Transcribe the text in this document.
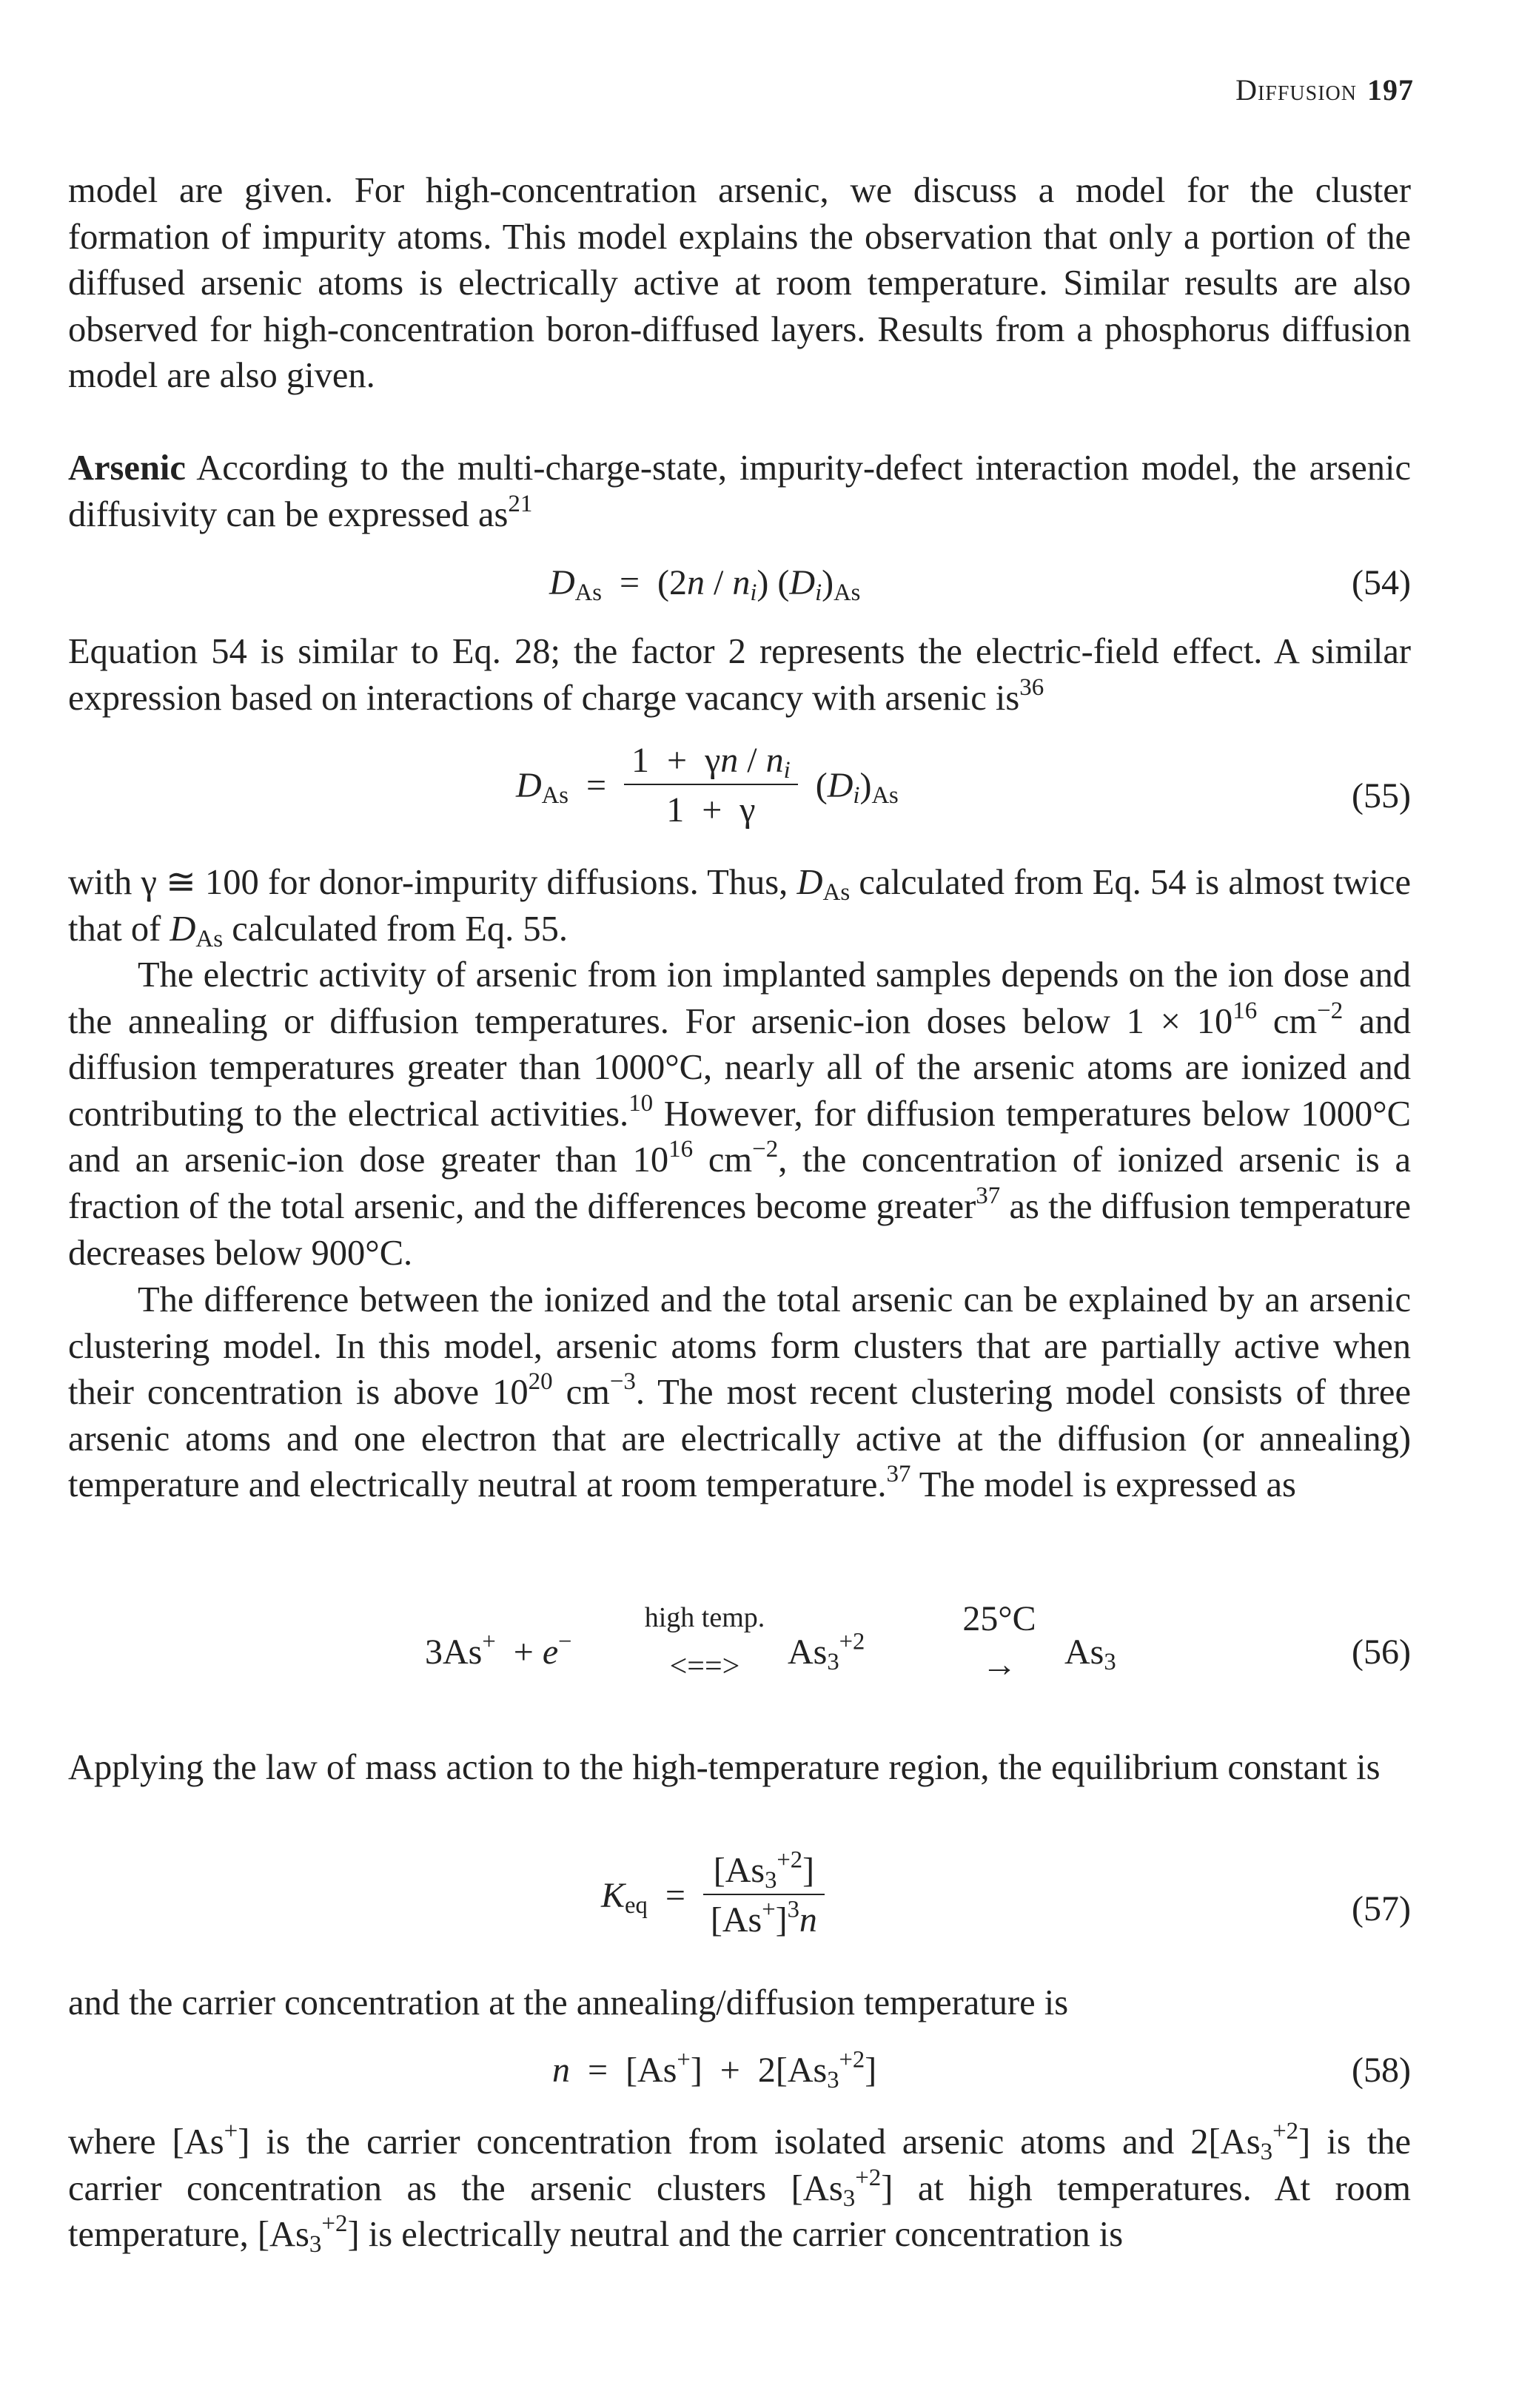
Diffusion 197
model are given. For high-concentration arsenic, we discuss a model for the cluster formation of impurity atoms. This model explains the observation that only a portion of the diffused arsenic atoms is electrically active at room temperature. Similar results are also observed for high-concentration boron-diffused layers. Results from a phosphorus diffusion model are also given.
Arsenic According to the multi-charge-state, impurity-defect interaction model, the arsenic diffusivity can be expressed $as^{21}$
$D_{As} = (2n / n_i)$ $(D_i)_{As}$	(54)
Equation 54 is similar to Eq. 28; the factor 2 represents the electric-field effect. A similar expression based on interactions of charge vacancy with arsenic $is^{36}$
$D_{As} = \frac{1 + \gamma n / n_i}{1 + \gamma} (D_i)_{As}$	(55)
with γ ≅ 100 for donor-impurity diffusions. Thus, $D_{As}$ calculated from Eq. 54 is almost twice that of $D_{As}$ calculated from Eq. 55.
The electric activity of arsenic from ion implanted samples depends on the ion dose and the annealing or diffusion temperatures. For arsenic-ion doses below $1 \times 10^{16}$ $cm^{-2}$ and diffusion temperatures greater than 1000°C, nearly all of the arsenic atoms are ionized and contributing to the electrical activities.$^{10}$ However, for diffusion temperatures below 1000°C and an arsenic-ion dose greater than $10^{16}$ $cm^{-2}$, the concentration of ionized arsenic is a fraction of the total arsenic, and the differences become greater$^{37}$ as the diffusion temperature decreases below 900°C.
The difference between the ionized and the total arsenic can be explained by an arsenic clustering model. In this model, arsenic atoms form clusters that are partially active when their concentration is above $10^{20}$ $cm^{-3}$. The most recent clustering model consists of three arsenic atoms and one electron that are electrically active at the diffusion (or annealing) temperature and electrically neutral at room temperature.$^{37}$ The model is expressed as
3As+  + e−
high temp.
<==>	$As_3^{+2}$
25°C
→	$As_3$	(56)
Applying the law of mass action to the high-temperature region, the equilibrium constant is
$K_{eq} = \frac{[As_3^{+2}]}{[As^+]^3n}$	(57)
and the carrier concentration at the annealing/diffusion temperature is
$n = [As^+] + 2[As_3^{+2}]$	(58)
where [As+] is the carrier concentration from isolated arsenic atoms and $2[As_3^{+2}]$ is the carrier concentration as the arsenic clusters $[As_3^{+2}]$ at high temperatures. At room temperature, $[As_3^{+2}]$ is electrically neutral and the carrier concentration is
